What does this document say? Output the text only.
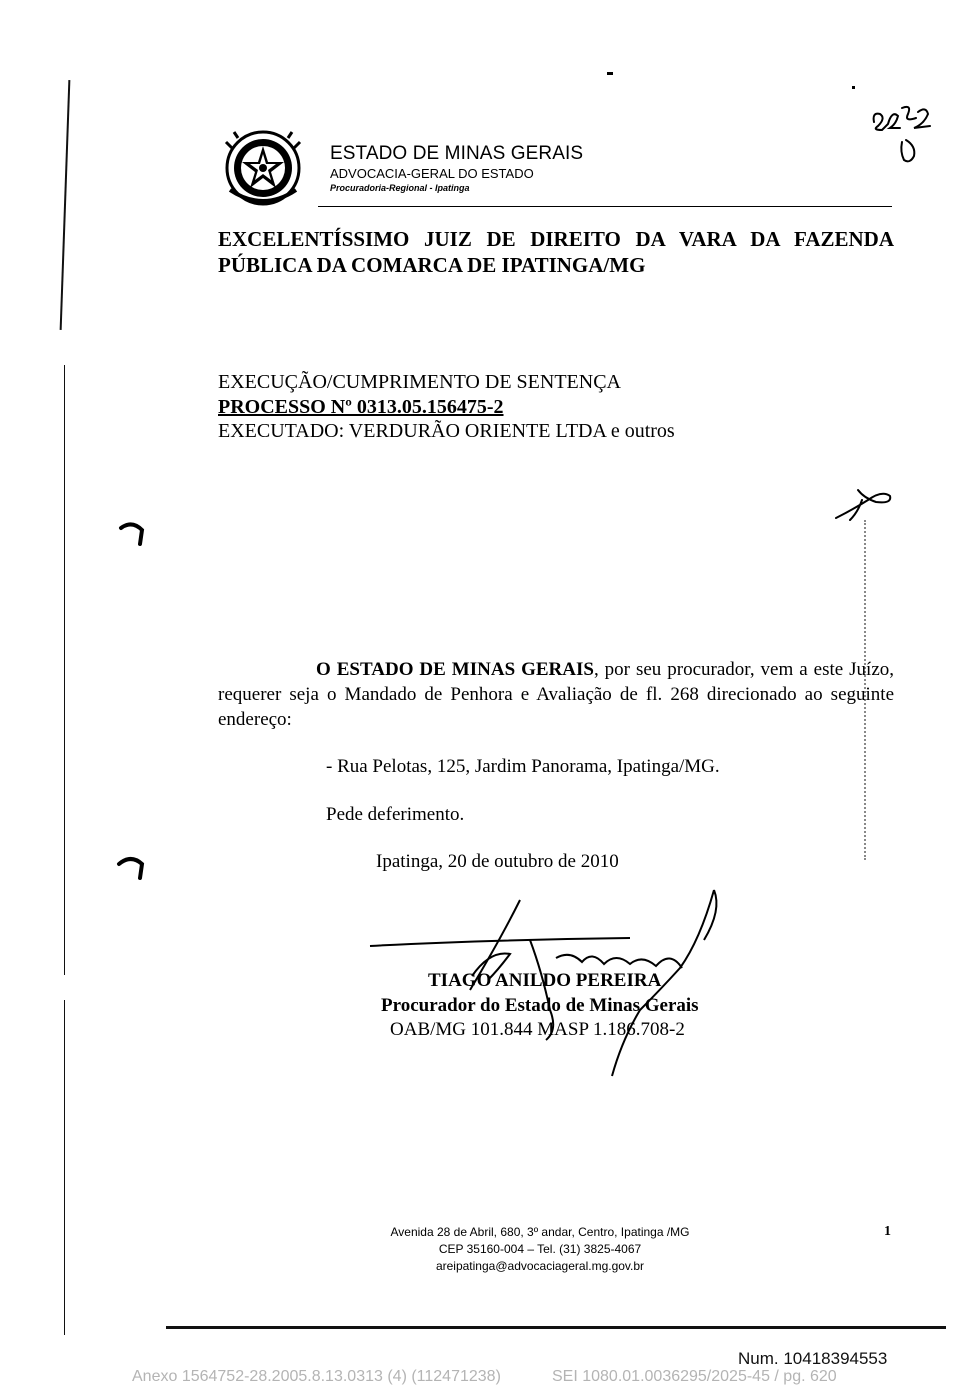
ESTADO DE MINAS GERAIS
ADVOCACIA-GERAL DO ESTADO
Procuradoria-Regional - Ipatinga
EXCELENTÍSSIMO JUIZ DE DIREITO DA VARA DA FAZENDA PÚBLICA DA COMARCA DE IPATINGA/MG
EXECUÇÃO/CUMPRIMENTO DE SENTENÇA
PROCESSO Nº 0313.05.156475-2
EXECUTADO: VERDURÃO ORIENTE LTDA e outros
O ESTADO DE MINAS GERAIS, por seu procurador, vem a este Juízo, requerer seja o Mandado de Penhora e Avaliação de fl. 268 direcionado ao seguinte endereço:
- Rua Pelotas, 125, Jardim Panorama, Ipatinga/MG.
Pede deferimento.
Ipatinga, 20 de outubro de 2010
TIAGO ANILDO PEREIRA
Procurador do Estado de Minas Gerais
OAB/MG 101.844 MASP 1.186.708-2
Avenida 28 de Abril, 680, 3º andar, Centro, Ipatinga /MG
CEP 35160-004 – Tel. (31) 3825-4067
areipatinga@advocaciageral.mg.gov.br
1
Num. 10418394553
Anexo 1564752-28.2005.8.13.0313 (4) (112471238)	SEI 1080.01.0036295/2025-45 / pg. 620
